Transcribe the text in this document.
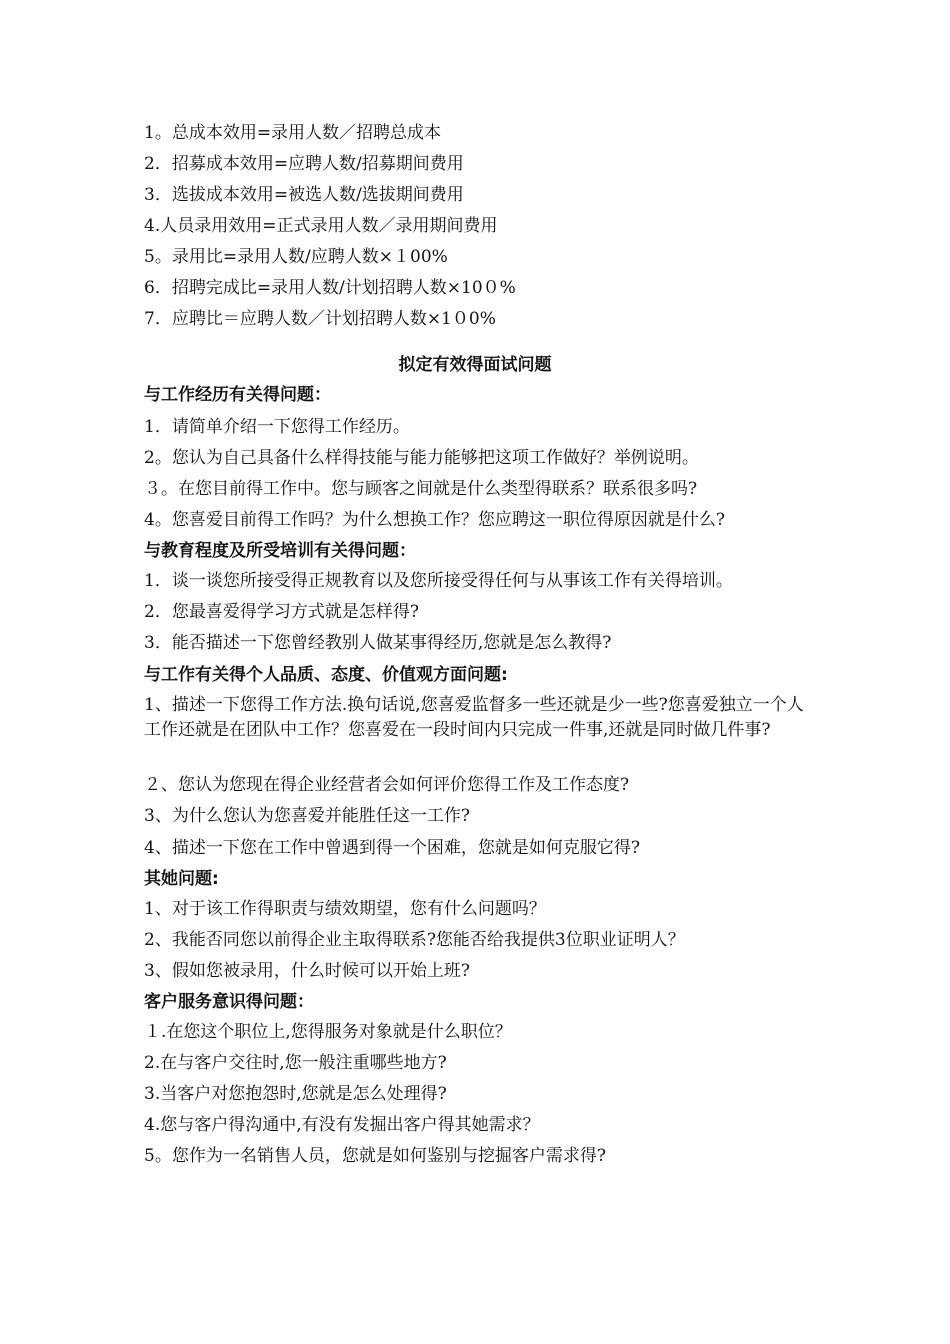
1。总成本效用=录用人数／招聘总成本
2．招募成本效用=应聘人数/招募期间费用
3．选拔成本效用=被选人数/选拔期间费用
4.人员录用效用=正式录用人数／录用期间费用
5。录用比=录用人数/应聘人数×１00%
6．招聘完成比=录用人数/计划招聘人数×10０%
7．应聘比＝应聘人数／计划招聘人数×1０0%
拟定有效得面试问题
与工作经历有关得问题：
1．请简单介绍一下您得工作经历。
2。您认为自己具备什么样得技能与能力能够把这项工作做好？举例说明。
３。在您目前得工作中。您与顾客之间就是什么类型得联系？联系很多吗?
4。您喜爱目前得工作吗？为什么想换工作？您应聘这一职位得原因就是什么?
与教育程度及所受培训有关得问题：
1．谈一谈您所接受得正规教育以及您所接受得任何与从事该工作有关得培训。
2．您最喜爱得学习方式就是怎样得?
3．能否描述一下您曾经教别人做某事得经历,您就是怎么教得?
与工作有关得个人品质、态度、价值观方面问题:
1、描述一下您得工作方法.换句话说,您喜爱监督多一些还就是少一些?您喜爱独立一个人工作还就是在团队中工作？您喜爱在一段时间内只完成一件事,还就是同时做几件事?
２、您认为您现在得企业经营者会如何评价您得工作及工作态度?
3、为什么您认为您喜爱并能胜任这一工作?
4、描述一下您在工作中曾遇到得一个困难，您就是如何克服它得?
其她问题:
1、对于该工作得职责与绩效期望，您有什么问题吗？
2、我能否同您以前得企业主取得联系?您能否给我提供3位职业证明人？
3、假如您被录用，什么时候可以开始上班?
客户服务意识得问题：
１.在您这个职位上,您得服务对象就是什么职位？
2.在与客户交往时,您一般注重哪些地方?
3.当客户对您抱怨时,您就是怎么处理得?
4.您与客户得沟通中,有没有发掘出客户得其她需求？
5。您作为一名销售人员，您就是如何鉴别与挖掘客户需求得?
